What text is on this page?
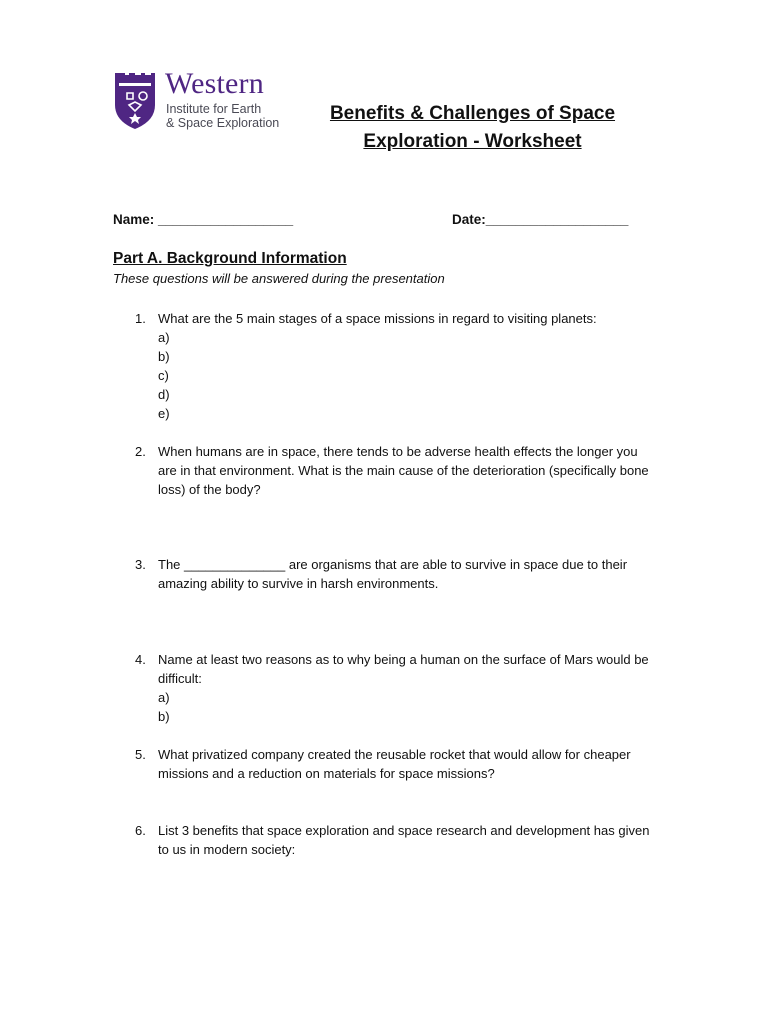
Western
Institute for Earth
& Space Exploration	Benefits & Challenges of Space
Exploration - Worksheet
Name: __________________	Date:___________________
Part A. Background Information
These questions will be answered during the presentation
1. What are the 5 main stages of a space missions in regard to visiting planets:
a)
b)
c)
d)
e)
2. When humans are in space, there tends to be adverse health effects the longer you are in that environment. What is the main cause of the deterioration (specifically bone loss) of the body?
3. The ______________ are organisms that are able to survive in space due to their amazing ability to survive in harsh environments.
4. Name at least two reasons as to why being a human on the surface of Mars would be difficult:
a)
b)
5. What privatized company created the reusable rocket that would allow for cheaper missions and a reduction on materials for space missions?
6. List 3 benefits that space exploration and space research and development has given to us in modern society:
